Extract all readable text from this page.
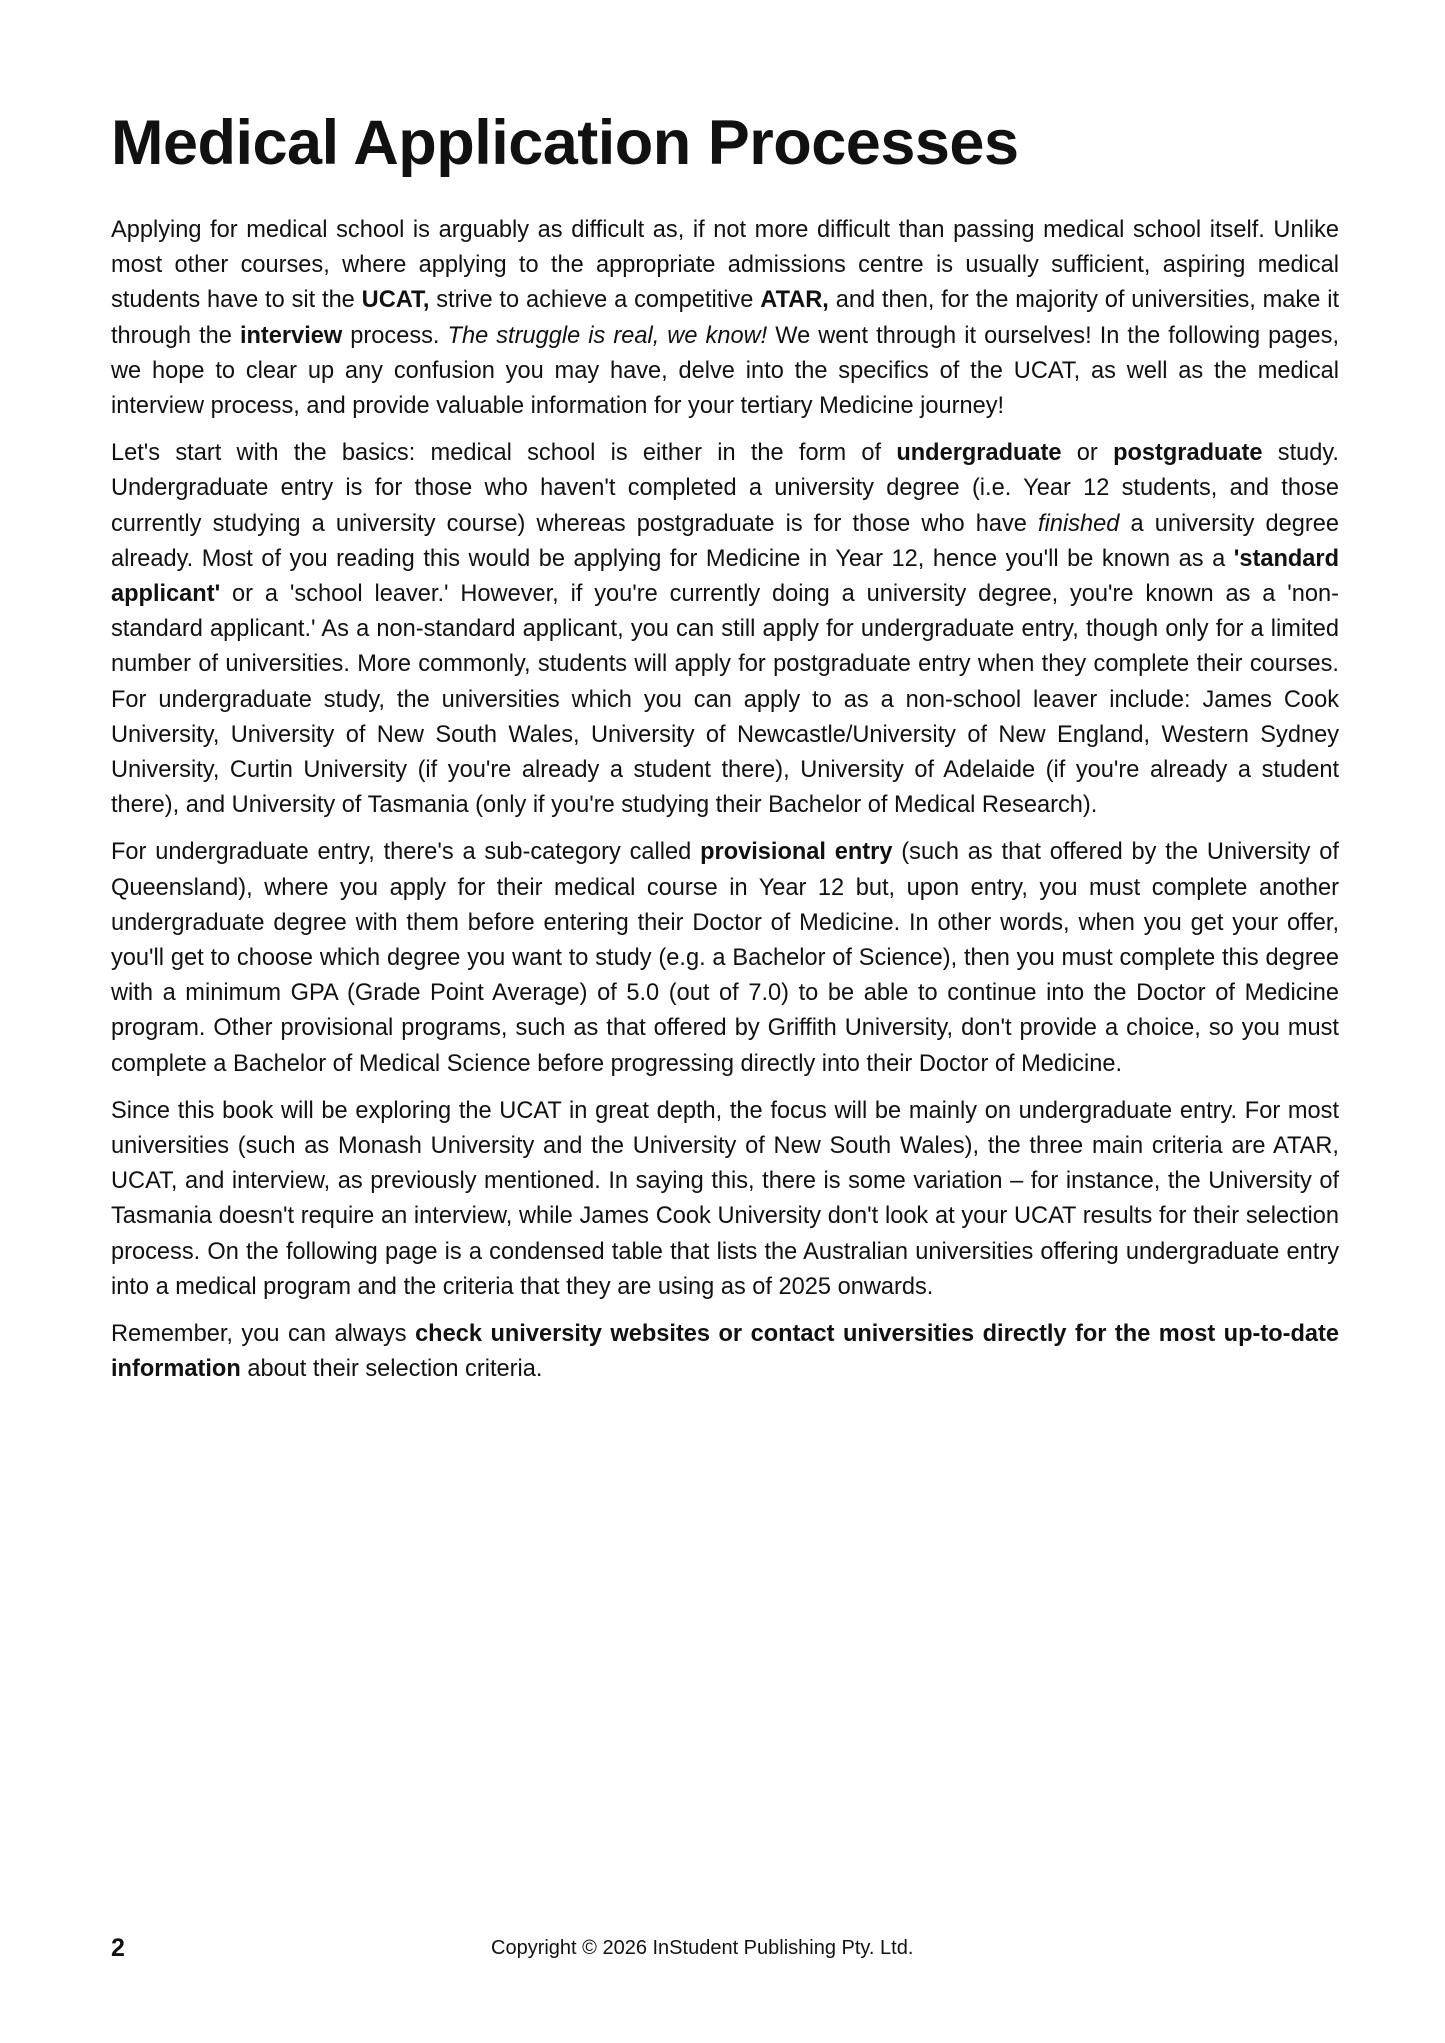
Medical Application Processes

Applying for medical school is arguably as difficult as, if not more difficult than passing medical school itself. Unlike most other courses, where applying to the appropriate admissions centre is usually sufficient, aspiring medical students have to sit the UCAT, strive to achieve a competitive ATAR, and then, for the majority of universities, make it through the interview process. The struggle is real, we know! We went through it ourselves! In the following pages, we hope to clear up any confusion you may have, delve into the specifics of the UCAT, as well as the medical interview process, and provide valuable information for your tertiary Medicine journey!

Let's start with the basics: medical school is either in the form of undergraduate or postgraduate study. Undergraduate entry is for those who haven't completed a university degree (i.e. Year 12 students, and those currently studying a university course) whereas postgraduate is for those who have finished a university degree already. Most of you reading this would be applying for Medicine in Year 12, hence you'll be known as a 'standard applicant' or a 'school leaver.' However, if you're currently doing a university degree, you're known as a 'non-standard applicant.' As a non-standard applicant, you can still apply for undergraduate entry, though only for a limited number of universities. More commonly, students will apply for postgraduate entry when they complete their courses. For undergraduate study, the universities which you can apply to as a non-school leaver include: James Cook University, University of New South Wales, University of Newcastle/University of New England, Western Sydney University, Curtin University (if you're already a student there), University of Adelaide (if you're already a student there), and University of Tasmania (only if you're studying their Bachelor of Medical Research).

For undergraduate entry, there's a sub-category called provisional entry (such as that offered by the University of Queensland), where you apply for their medical course in Year 12 but, upon entry, you must complete another undergraduate degree with them before entering their Doctor of Medicine. In other words, when you get your offer, you'll get to choose which degree you want to study (e.g. a Bachelor of Science), then you must complete this degree with a minimum GPA (Grade Point Average) of 5.0 (out of 7.0) to be able to continue into the Doctor of Medicine program. Other provisional programs, such as that offered by Griffith University, don't provide a choice, so you must complete a Bachelor of Medical Science before progressing directly into their Doctor of Medicine.

Since this book will be exploring the UCAT in great depth, the focus will be mainly on undergraduate entry. For most universities (such as Monash University and the University of New South Wales), the three main criteria are ATAR, UCAT, and interview, as previously mentioned. In saying this, there is some variation – for instance, the University of Tasmania doesn't require an interview, while James Cook University don't look at your UCAT results for their selection process. On the following page is a condensed table that lists the Australian universities offering undergraduate entry into a medical program and the criteria that they are using as of 2025 onwards.

Remember, you can always check university websites or contact universities directly for the most up-to-date information about their selection criteria.

2	Copyright © 2026 InStudent Publishing Pty. Ltd.
